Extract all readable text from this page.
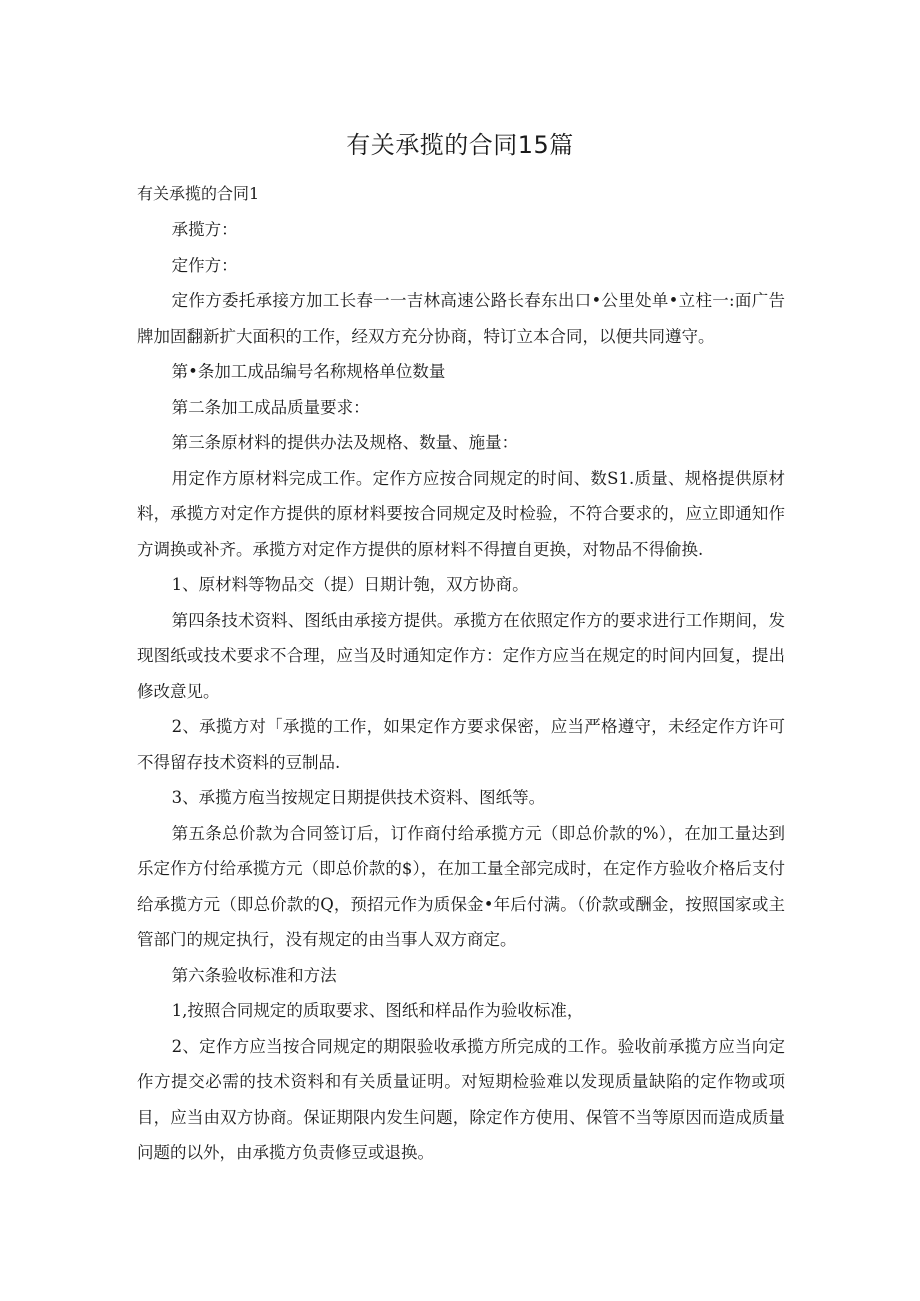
有关承揽的合同15篇
有关承揽的合同1

承揽方：

定作方：

定作方委托承接方加工长春一一吉林高速公路长春东出口•公里处单•立柱一:面广告牌加固翻新扩大面积的工作，经双方充分协商，特订立本合同，以便共同遵守。

第•条加工成品编号名称规格单位数量

第二条加工成品质量要求：

第三条原材料的提供办法及规格、数量、施量：

用定作方原材料完成工作。定作方应按合同规定的时间、数S1.质量、规格提供原材料，承揽方对定作方提供的原材料要按合同规定及时检验，不符合要求的，应立即通知作方调换或补齐。承揽方对定作方提供的原材料不得擅自更换，对物品不得偷换.

1、原材料等物品交（提）日期计匏，双方协商。

第四条技术资料、图纸由承接方提供。承揽方在依照定作方的要求进行工作期间，发现图纸或技术要求不合理，应当及时通知定作方：定作方应当在规定的时间内回复，提出修改意见。

2、承揽方对「承揽的工作，如果定作方要求保密，应当严格遵守，未经定作方许可不得留存技术资料的豆制品.

3、承揽方庖当按规定日期提供技术资料、图纸等。

第五条总价款为合同签订后，订作商付给承揽方元（即总价款的%），在加工量达到乐定作方付给承揽方元（即总价款的$），在加工量全部完成时，在定作方验收介格后支付给承揽方元（即总价款的Q，预招元作为质保金•年后付满。（价款或酬金，按照国家或主管部门的规定执行，没有规定的由当事人双方商定。

第六条验收标准和方法

1,按照合同规定的质取要求、图纸和样品作为验收标准，

2、定作方应当按合同规定的期限验收承揽方所完成的工作。验收前承揽方应当向定作方提交必需的技术资料和有关质量证明。对短期检验难以发现质量缺陷的定作物或项目，应当由双方协商。保证期限内发生问题，除定作方使用、保管不当等原因而造成质量问题的以外，由承揽方负责修豆或退换。
